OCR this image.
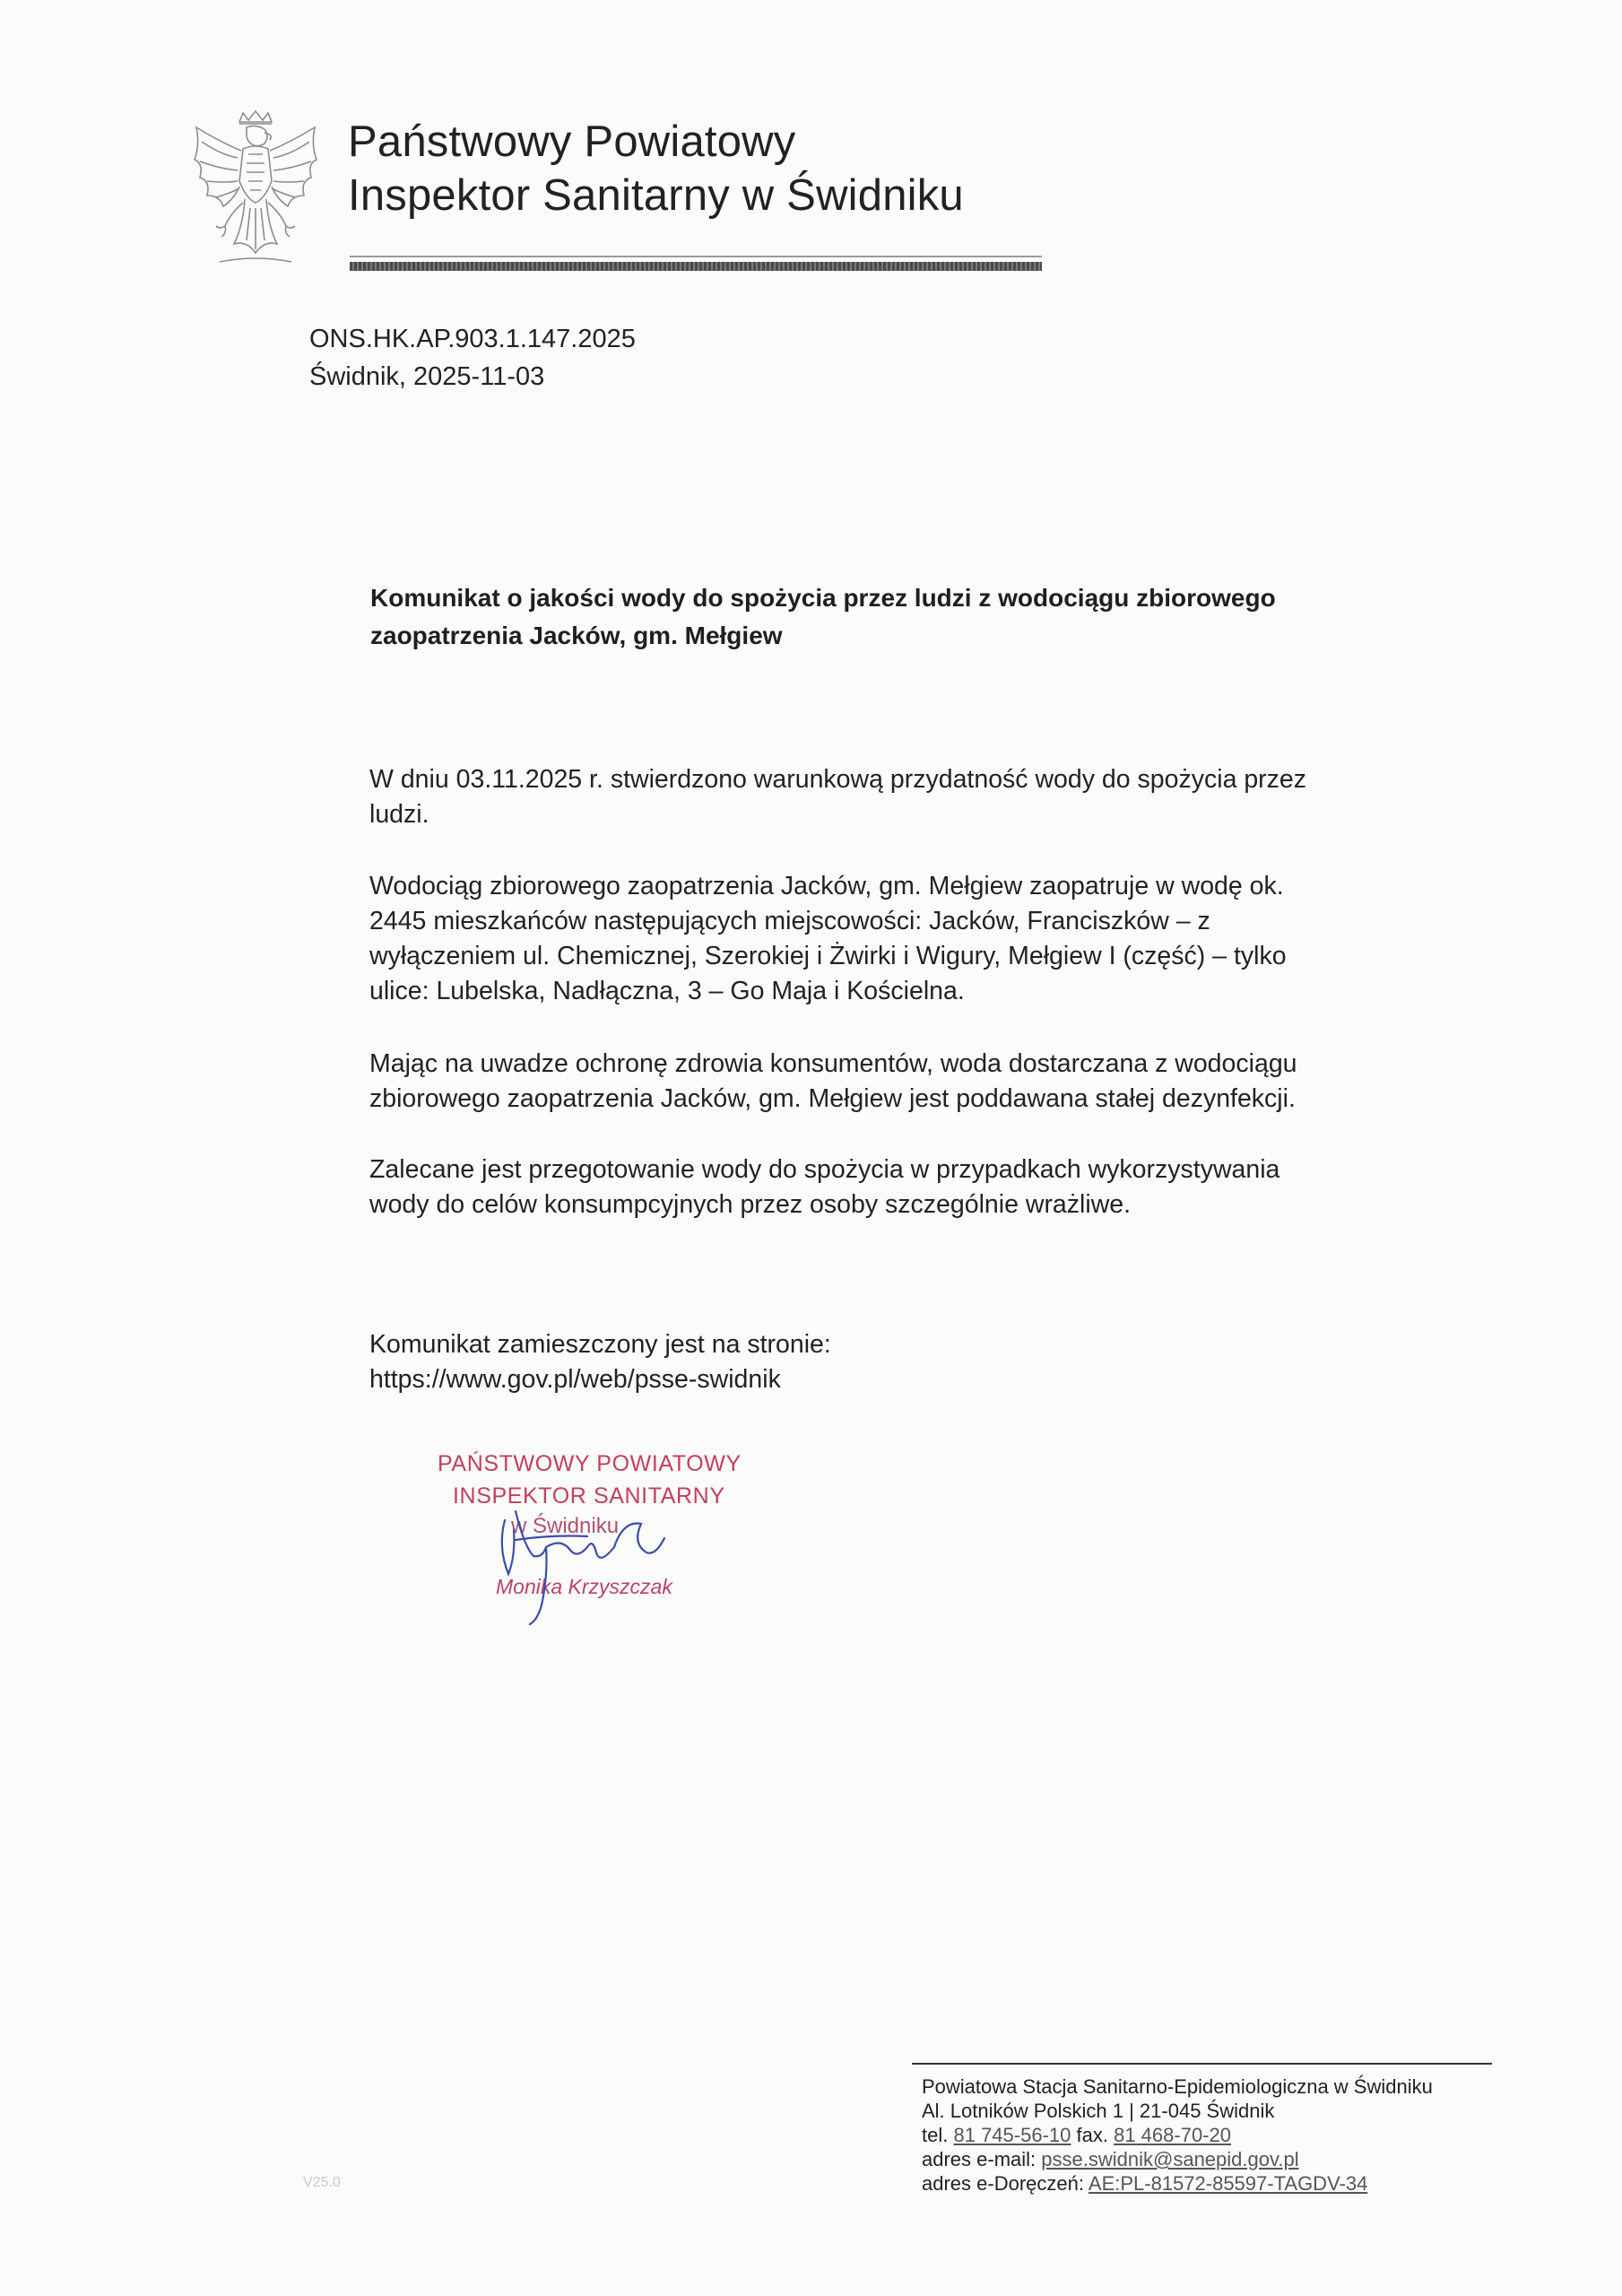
Państwowy Powiatowy
Inspektor Sanitarny w Świdniku
ONS.HK.AP.903.1.147.2025
Świdnik, 2025-11-03
Komunikat o jakości wody do spożycia przez ludzi z wodociągu zbiorowego
zaopatrzenia Jacków, gm. Mełgiew
W dniu 03.11.2025 r. stwierdzono warunkową przydatność wody do spożycia przez
ludzi.
Wodociąg zbiorowego zaopatrzenia Jacków, gm. Mełgiew zaopatruje w wodę ok.
2445 mieszkańców następujących miejscowości: Jacków, Franciszków – z
wyłączeniem ul. Chemicznej, Szerokiej i Żwirki i Wigury, Mełgiew I (część) – tylko
ulice: Lubelska, Nadłączna, 3 – Go Maja i Kościelna.
Mając na uwadze ochronę zdrowia konsumentów, woda dostarczana z wodociągu
zbiorowego zaopatrzenia Jacków, gm. Mełgiew jest poddawana stałej dezynfekcji.
Zalecane jest przegotowanie wody do spożycia w przypadkach wykorzystywania
wody do celów konsumpcyjnych przez osoby szczególnie wrażliwe.
Komunikat zamieszczony jest na stronie:
https://www.gov.pl/web/psse-swidnik
PAŃSTWOWY POWIATOWY
INSPEKTOR SANITARNY
w Świdniku
Monika Krzyszczak
Powiatowa Stacja Sanitarno-Epidemiologiczna w Świdniku
Al. Lotników Polskich 1 | 21-045 Świdnik
tel. 81 745-56-10 fax. 81 468-70-20
adres e-mail: psse.swidnik@sanepid.gov.pl
adres e-Doręczeń: AE:PL-81572-85597-TAGDV-34
V25.0
